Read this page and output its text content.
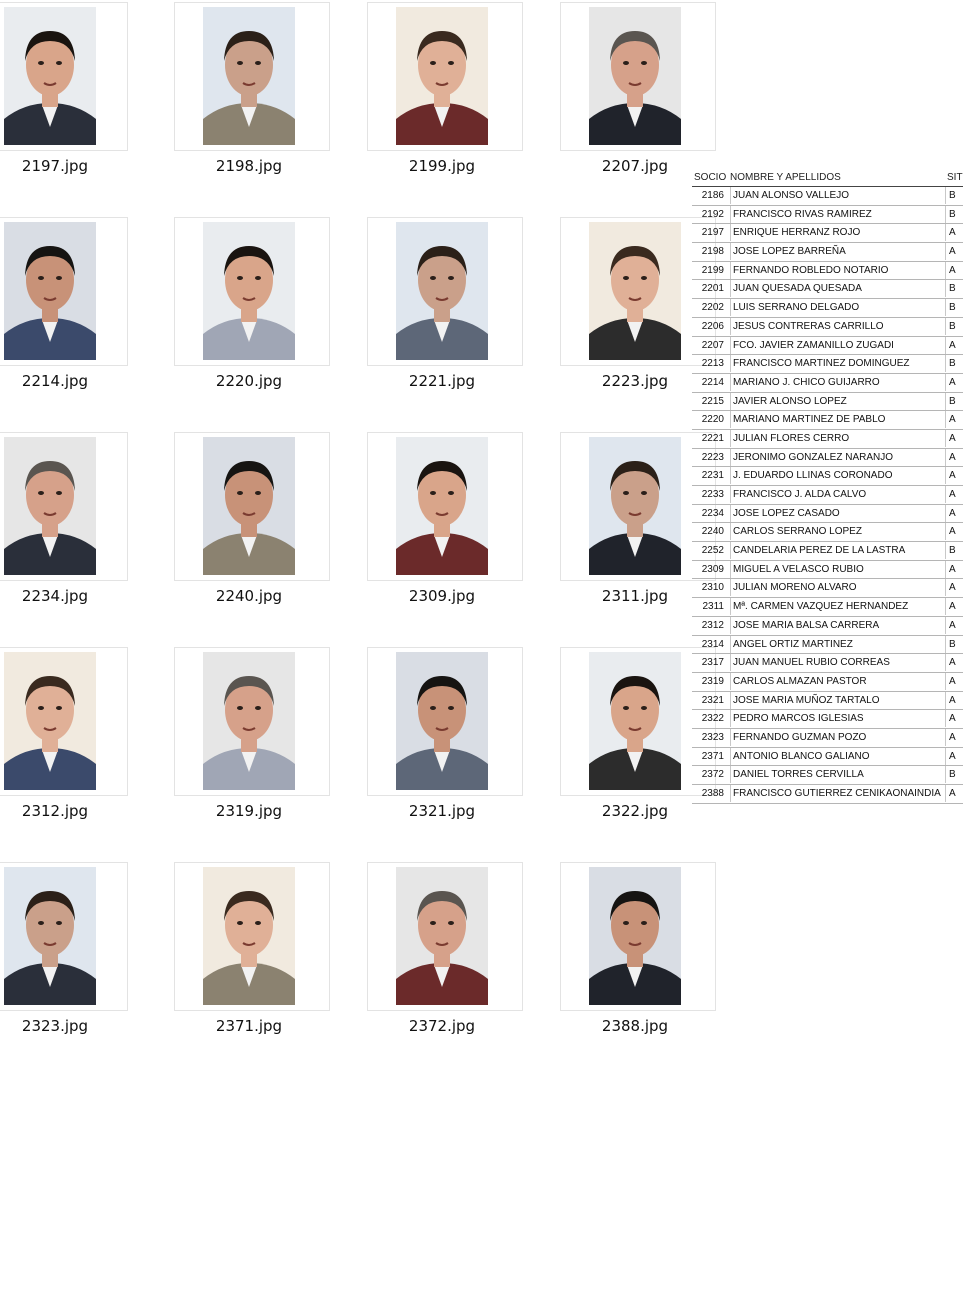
2197.jpg	2198.jpg	2199.jpg	2207.jpg
2214.jpg	2220.jpg	2221.jpg	2223.jpg
2234.jpg	2240.jpg	2309.jpg	2311.jpg
2312.jpg	2319.jpg	2321.jpg	2322.jpg
2323.jpg	2371.jpg	2372.jpg	2388.jpg
SOCIO NOMBRE Y APELLIDOS	SIT
2186 JUAN ALONSO VALLEJO	B
2192 FRANCISCO RIVAS RAMIREZ	B
2197 ENRIQUE HERRANZ ROJO	A
2198 JOSE LOPEZ BARREÑA	A
2199 FERNANDO ROBLEDO NOTARIO	A
2201 JUAN QUESADA QUESADA	B
2202 LUIS SERRANO DELGADO	B
2206 JESUS CONTRERAS CARRILLO	B
2207 FCO. JAVIER ZAMANILLO ZUGADI	A
2213 FRANCISCO MARTINEZ DOMINGUEZ	B
2214 MARIANO J. CHICO GUIJARRO	A
2215 JAVIER ALONSO LOPEZ	B
2220 MARIANO MARTINEZ DE PABLO	A
2221 JULIAN FLORES CERRO	A
2223 JERONIMO GONZALEZ NARANJO	A
2231 J. EDUARDO LLINAS CORONADO	A
2233 FRANCISCO J. ALDA CALVO	A
2234 JOSE LOPEZ CASADO	A
2240 CARLOS SERRANO LOPEZ	A
2252 CANDELARIA PEREZ DE LA LASTRA	B
2309 MIGUEL A VELASCO RUBIO	A
2310 JULIAN MORENO ALVARO	A
2311 Mª. CARMEN VAZQUEZ HERNANDEZ	A
2312 JOSE MARIA BALSA CARRERA	A
2314 ANGEL ORTIZ MARTINEZ	B
2317 JUAN MANUEL RUBIO CORREAS	A
2319 CARLOS ALMAZAN PASTOR	A
2321 JOSE MARIA MUÑOZ TARTALO	A
2322 PEDRO MARCOS IGLESIAS	A
2323 FERNANDO GUZMAN POZO	A
2371 ANTONIO BLANCO GALIANO	A
2372 DANIEL TORRES CERVILLA	B
2388 FRANCISCO GUTIERREZ CENIKAONAINDIA A
